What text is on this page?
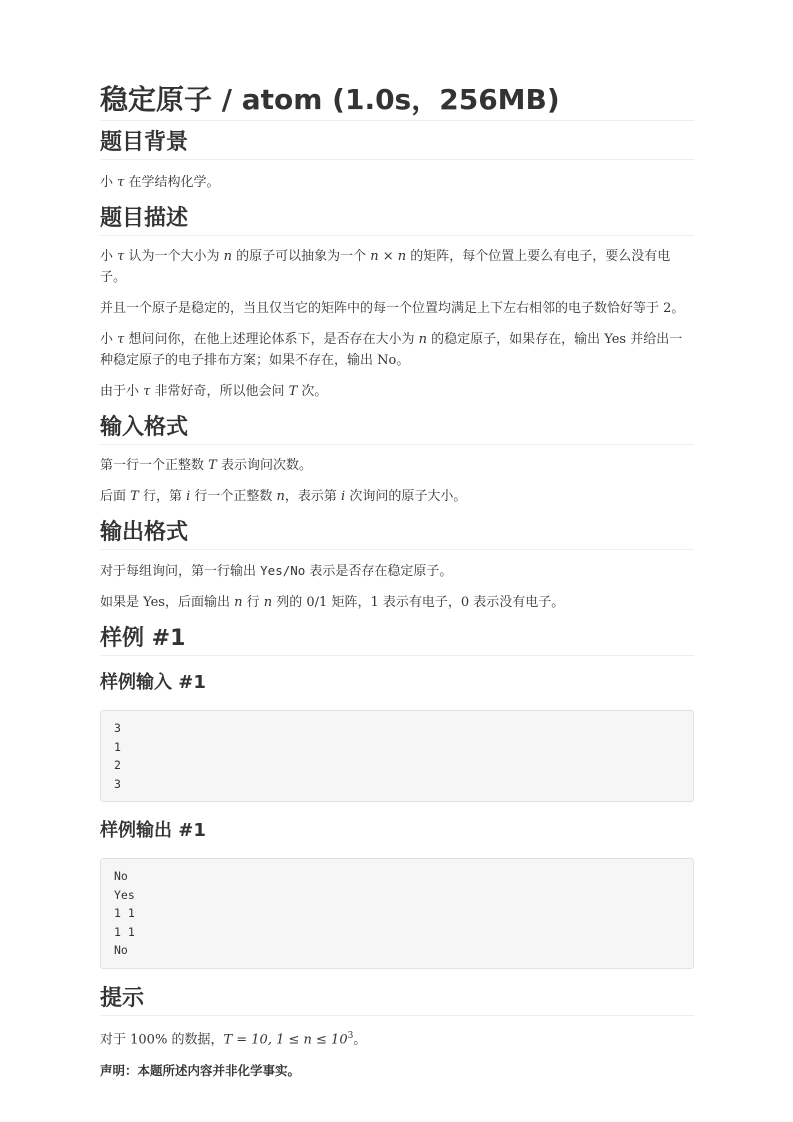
稳定原子 / atom (1.0s，256MB)
题目背景

小 τ 在学结构化学。

题目描述

小 τ 认为一个大小为 n 的原子可以抽象为一个 n × n 的矩阵，每个位置上要么有电子，要么没有电子。

并且一个原子是稳定的，当且仅当它的矩阵中的每一个位置均满足上下左右相邻的电子数恰好等于 2。

小 τ 想问问你，在他上述理论体系下，是否存在大小为 n 的稳定原子，如果存在，输出 Yes 并给出一种稳定原子的电子排布方案；如果不存在，输出 No。

由于小 τ 非常好奇，所以他会问 T 次。

输入格式

第一行一个正整数 T 表示询问次数。

后面 T 行，第 i 行一个正整数 n，表示第 i 次询问的原子大小。

输出格式

对于每组询问，第一行输出 Yes/No 表示是否存在稳定原子。

如果是 Yes，后面输出 n 行 n 列的 0/1 矩阵，1 表示有电子，0 表示没有电子。

样例 #1
样例输入 #1
3
1
2
3
样例输出 #1
No
Yes
1 1
1 1
No
提示

对于 100% 的数据，T = 10, $1 \le n \le 10^3$。

声明：本题所述内容并非化学事实。
